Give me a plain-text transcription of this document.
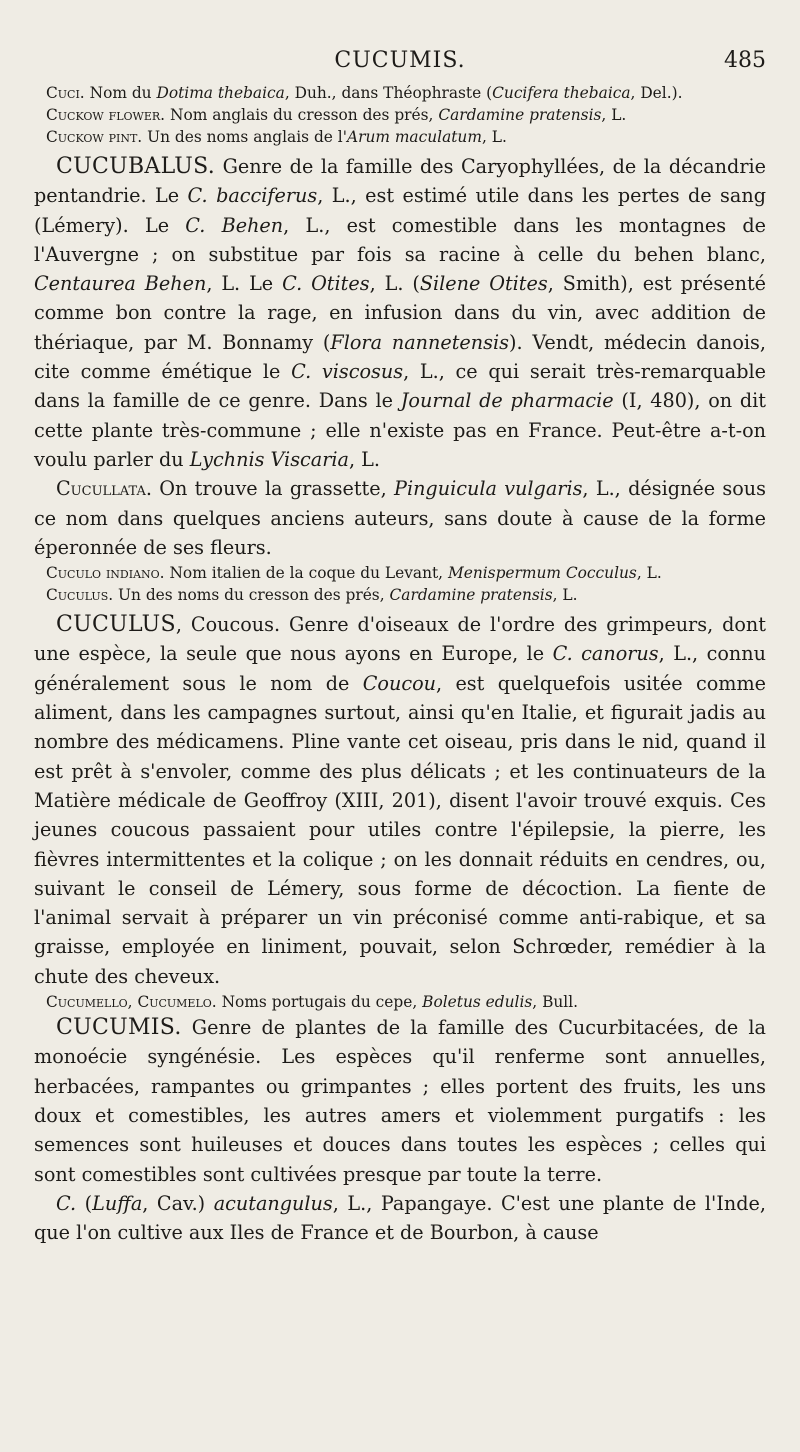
CUCUMIS.	485

Cuci. Nom du Dotima thebaica, Duh., dans Théophraste (Cucifera thebaica, Del.).

Cuckow flower. Nom anglais du cresson des prés, Cardamine pratensis, L.

Cuckow pint. Un des noms anglais de l'Arum maculatum, L.

CUCUBALUS. Genre de la famille des Caryophyllées, de la décandrie pentandrie. Le C. bacciferus, L., est estimé utile dans les pertes de sang (Lémery). Le C. Behen, L., est comestible dans les montagnes de l'Auvergne ; on substitue par fois sa racine à celle du behen blanc, Centaurea Behen, L. Le C. Otites, L. (Silene Otites, Smith), est présenté comme bon contre la rage, en infusion dans du vin, avec addition de thériaque, par M. Bonnamy (Flora nannetensis). Vendt, médecin danois, cite comme émétique le C. viscosus, L., ce qui serait très-remarquable dans la famille de ce genre. Dans le Journal de pharmacie (I, 480), on dit cette plante très-commune ; elle n'existe pas en France. Peut-être a-t-on voulu parler du Lychnis Viscaria, L.

Cucullata. On trouve la grassette, Pinguicula vulgaris, L., désignée sous ce nom dans quelques anciens auteurs, sans doute à cause de la forme éperonnée de ses fleurs.

Cuculo indiano. Nom italien de la coque du Levant, Menispermum Cocculus, L.

Cuculus. Un des noms du cresson des prés, Cardamine pratensis, L.

CUCULUS, Coucous. Genre d'oiseaux de l'ordre des grimpeurs, dont une espèce, la seule que nous ayons en Europe, le C. canorus, L., connu généralement sous le nom de Coucou, est quelquefois usitée comme aliment, dans les campagnes surtout, ainsi qu'en Italie, et figurait jadis au nombre des médicamens. Pline vante cet oiseau, pris dans le nid, quand il est prêt à s'envoler, comme des plus délicats ; et les continuateurs de la Matière médicale de Geoffroy (XIII, 201), disent l'avoir trouvé exquis. Ces jeunes coucous passaient pour utiles contre l'épilepsie, la pierre, les fièvres intermittentes et la colique ; on les donnait réduits en cendres, ou, suivant le conseil de Lémery, sous forme de décoction. La fiente de l'animal servait à préparer un vin préconisé comme anti-rabique, et sa graisse, employée en liniment, pouvait, selon Schrœder, remédier à la chute des cheveux.

Cucumello, Cucumelo. Noms portugais du cepe, Boletus edulis, Bull.

CUCUMIS. Genre de plantes de la famille des Cucurbitacées, de la monoécie syngénésie. Les espèces qu'il renferme sont annuelles, herbacées, rampantes ou grimpantes ; elles portent des fruits, les uns doux et comestibles, les autres amers et violemment purgatifs : les semences sont huileuses et douces dans toutes les espèces ; celles qui sont comestibles sont cultivées presque par toute la terre.

C. (Luffa, Cav.) acutangulus, L., Papangaye. C'est une plante de l'Inde, que l'on cultive aux Iles de France et de Bourbon, à cause
